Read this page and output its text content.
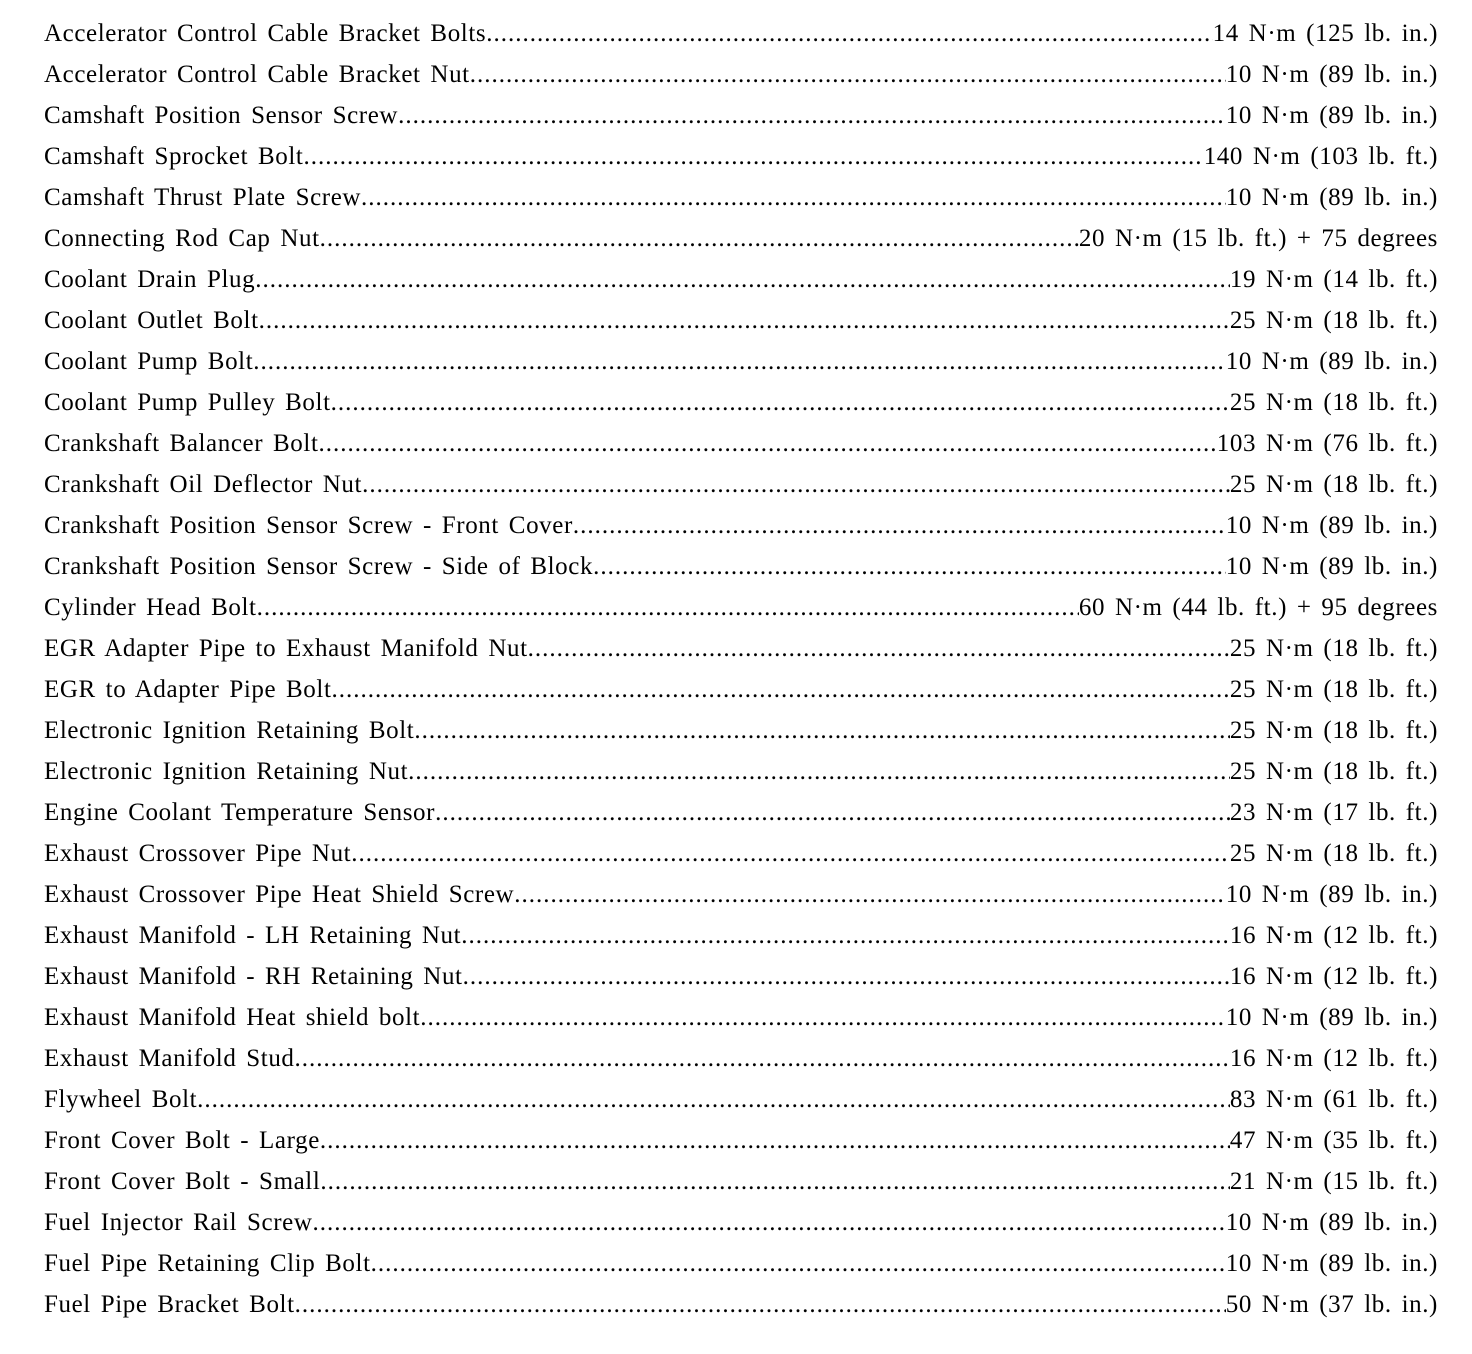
Accelerator Control Cable Bracket Bolts .....	14 N·m (125 lb. in.)
Accelerator Control Cable Bracket Nut .....	10 N·m (89 lb. in.)
Camshaft Position Sensor Screw .....	10 N·m (89 lb. in.)
Camshaft Sprocket Bolt .....	140 N·m (103 lb. ft.)
Camshaft Thrust Plate Screw .....	10 N·m (89 lb. in.)
Connecting Rod Cap Nut .....	20 N·m (15 lb. ft.) + 75 degrees
Coolant Drain Plug .....	19 N·m (14 lb. ft.)
Coolant Outlet Bolt .....	25 N·m (18 lb. ft.)
Coolant Pump Bolt .....	10 N·m (89 lb. in.)
Coolant Pump Pulley Bolt .....	25 N·m (18 lb. ft.)
Crankshaft Balancer Bolt .....	103 N·m (76 lb. ft.)
Crankshaft Oil Deflector Nut .....	25 N·m (18 lb. ft.)
Crankshaft Position Sensor Screw - Front Cover .....	10 N·m (89 lb. in.)
Crankshaft Position Sensor Screw - Side of Block .....	10 N·m (89 lb. in.)
Cylinder Head Bolt .....	60 N·m (44 lb. ft.) + 95 degrees
EGR Adapter Pipe to Exhaust Manifold Nut .....	25 N·m (18 lb. ft.)
EGR to Adapter Pipe Bolt .....	25 N·m (18 lb. ft.)
Electronic Ignition Retaining Bolt .....	25 N·m (18 lb. ft.)
Electronic Ignition Retaining Nut .....	25 N·m (18 lb. ft.)
Engine Coolant Temperature Sensor .....	23 N·m (17 lb. ft.)
Exhaust Crossover Pipe Nut .....	25 N·m (18 lb. ft.)
Exhaust Crossover Pipe Heat Shield Screw .....	10 N·m (89 lb. in.)
Exhaust Manifold - LH Retaining Nut .....	16 N·m (12 lb. ft.)
Exhaust Manifold - RH Retaining Nut .....	16 N·m (12 lb. ft.)
Exhaust Manifold Heat shield bolt .....	10 N·m (89 lb. in.)
Exhaust Manifold Stud .....	16 N·m (12 lb. ft.)
Flywheel Bolt .....	83 N·m (61 lb. ft.)
Front Cover Bolt - Large .....	47 N·m (35 lb. ft.)
Front Cover Bolt - Small .....	21 N·m (15 lb. ft.)
Fuel Injector Rail Screw .....	10 N·m (89 lb. in.)
Fuel Pipe Retaining Clip Bolt .....	10 N·m (89 lb. in.)
Fuel Pipe Bracket Bolt .....	50 N·m (37 lb. in.)
